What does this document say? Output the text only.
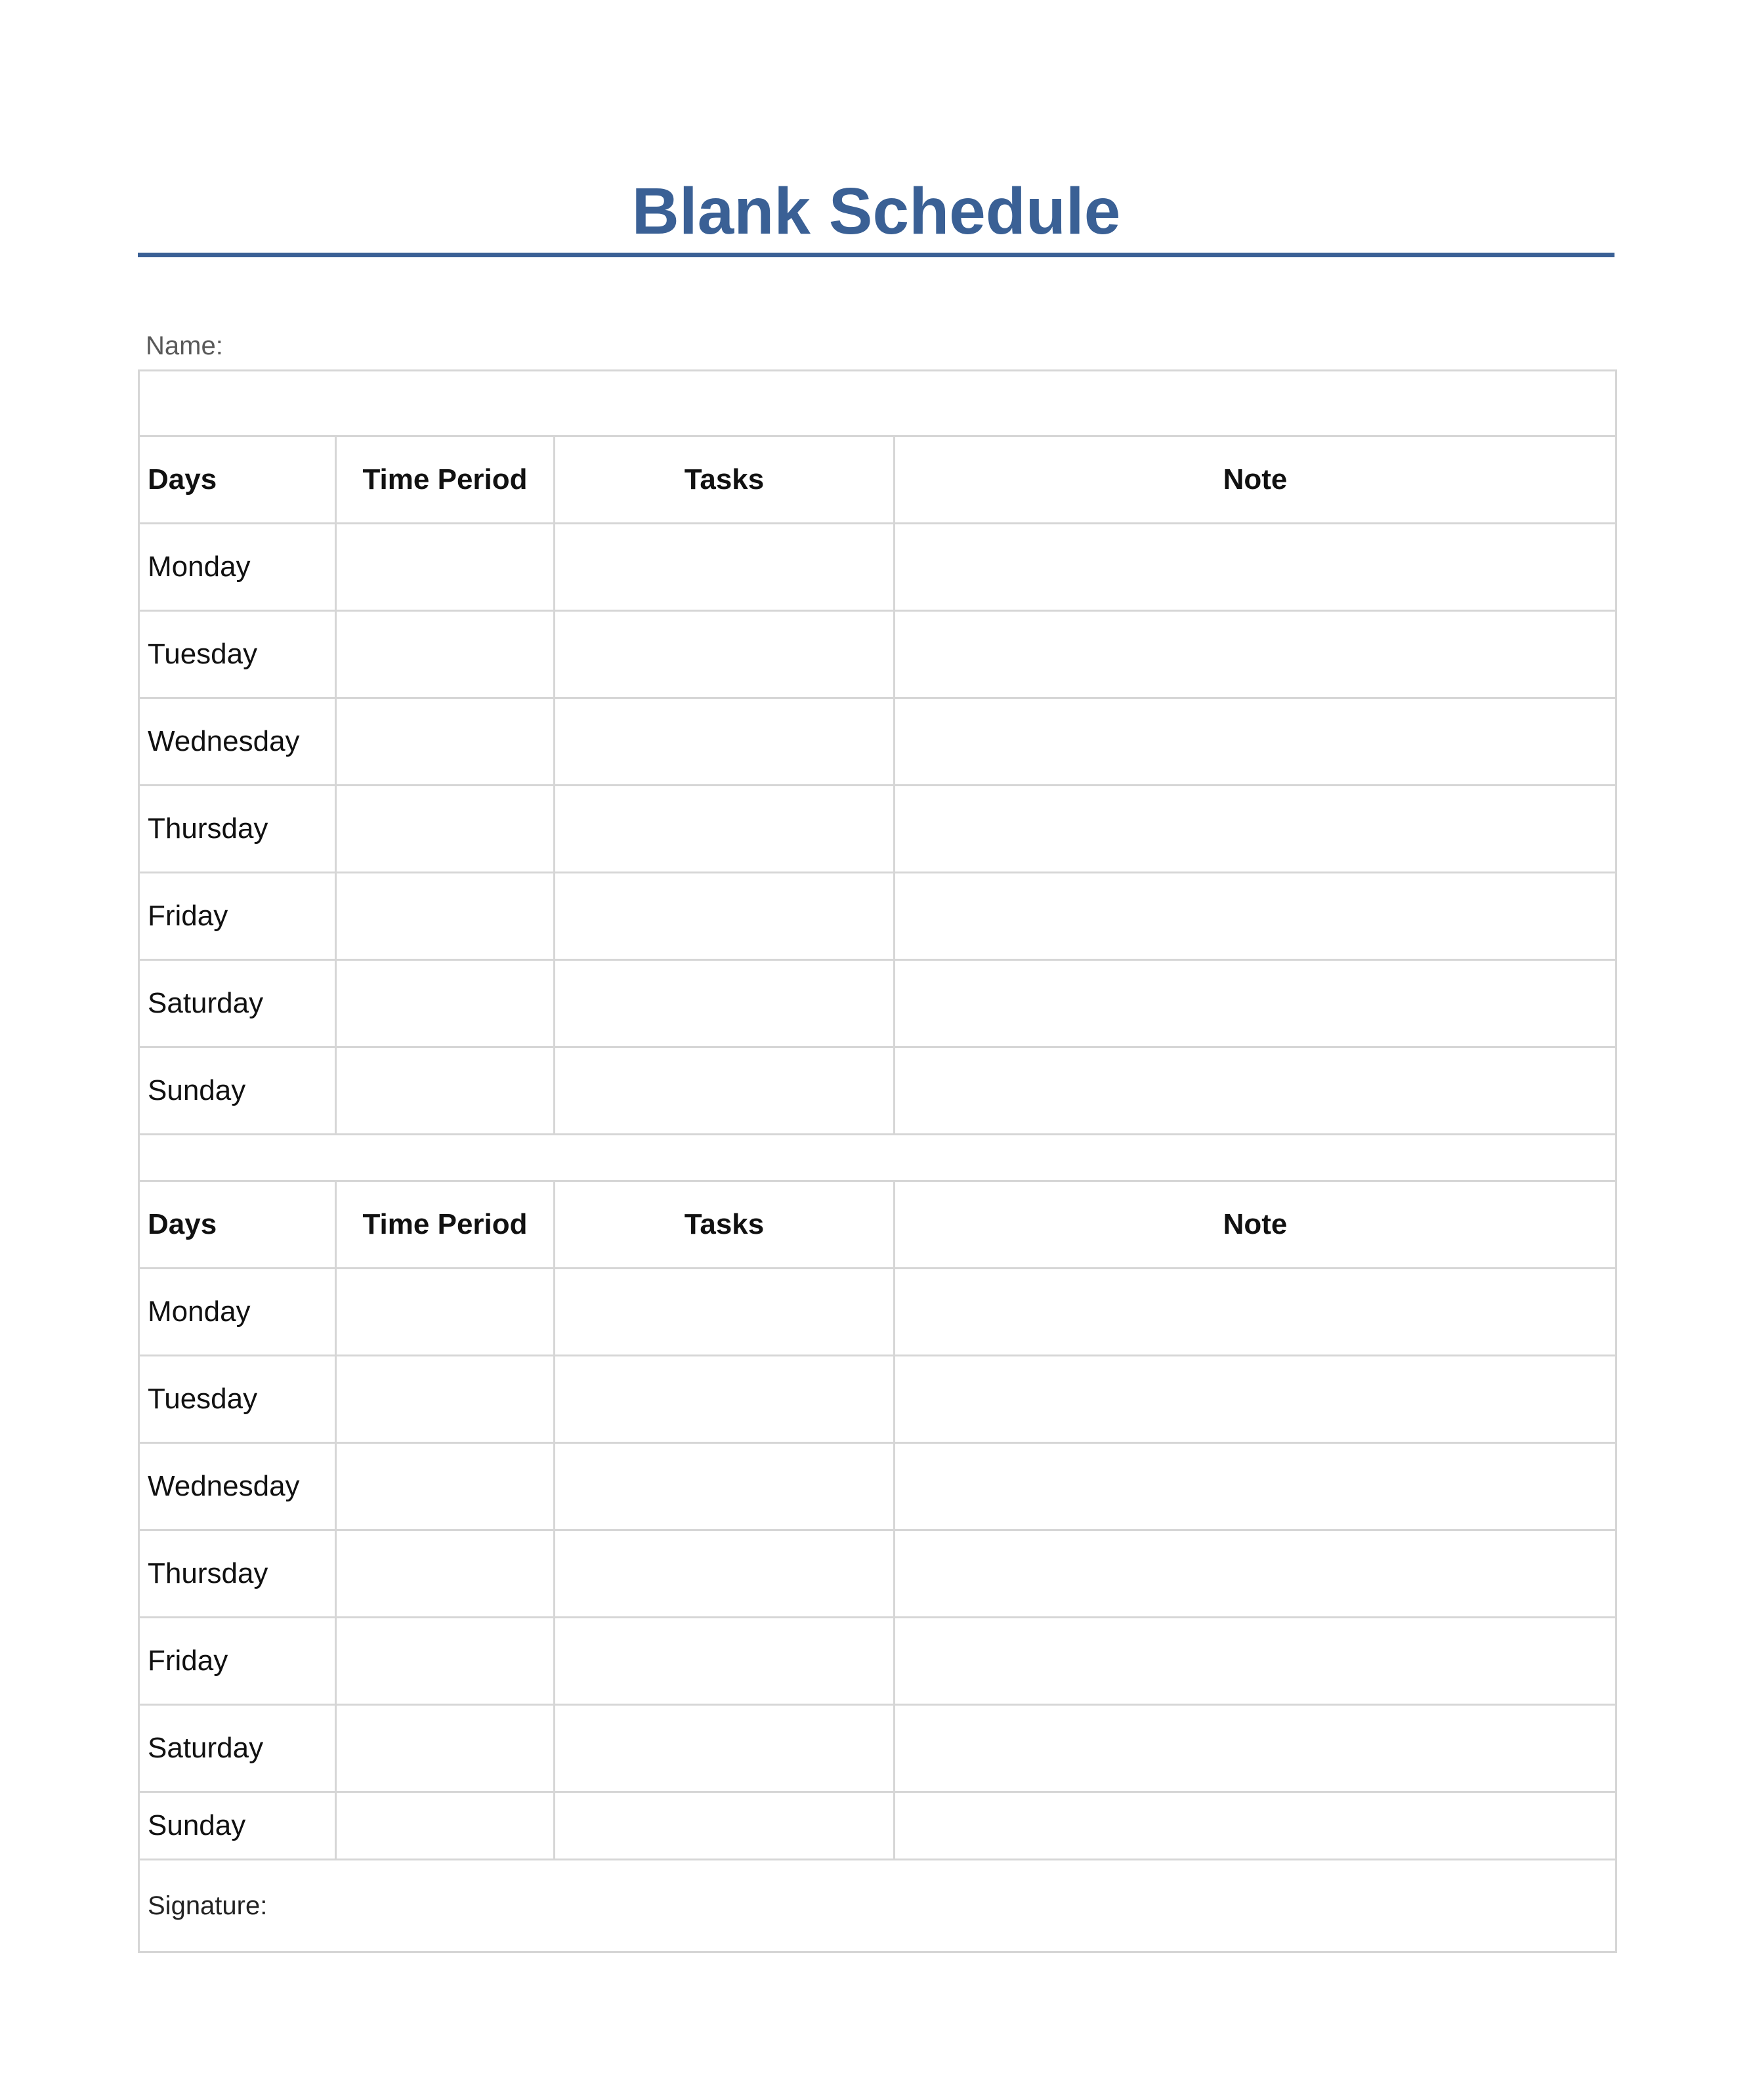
Blank Schedule
Name:

Days	Time Period	Tasks	Note
Monday			
Tuesday			
Wednesday			
Thursday			
Friday			
Saturday			
Sunday			

Days	Time Period	Tasks	Note
Monday			
Tuesday			
Wednesday			
Thursday			
Friday			
Saturday			
Sunday			
Signature:			
